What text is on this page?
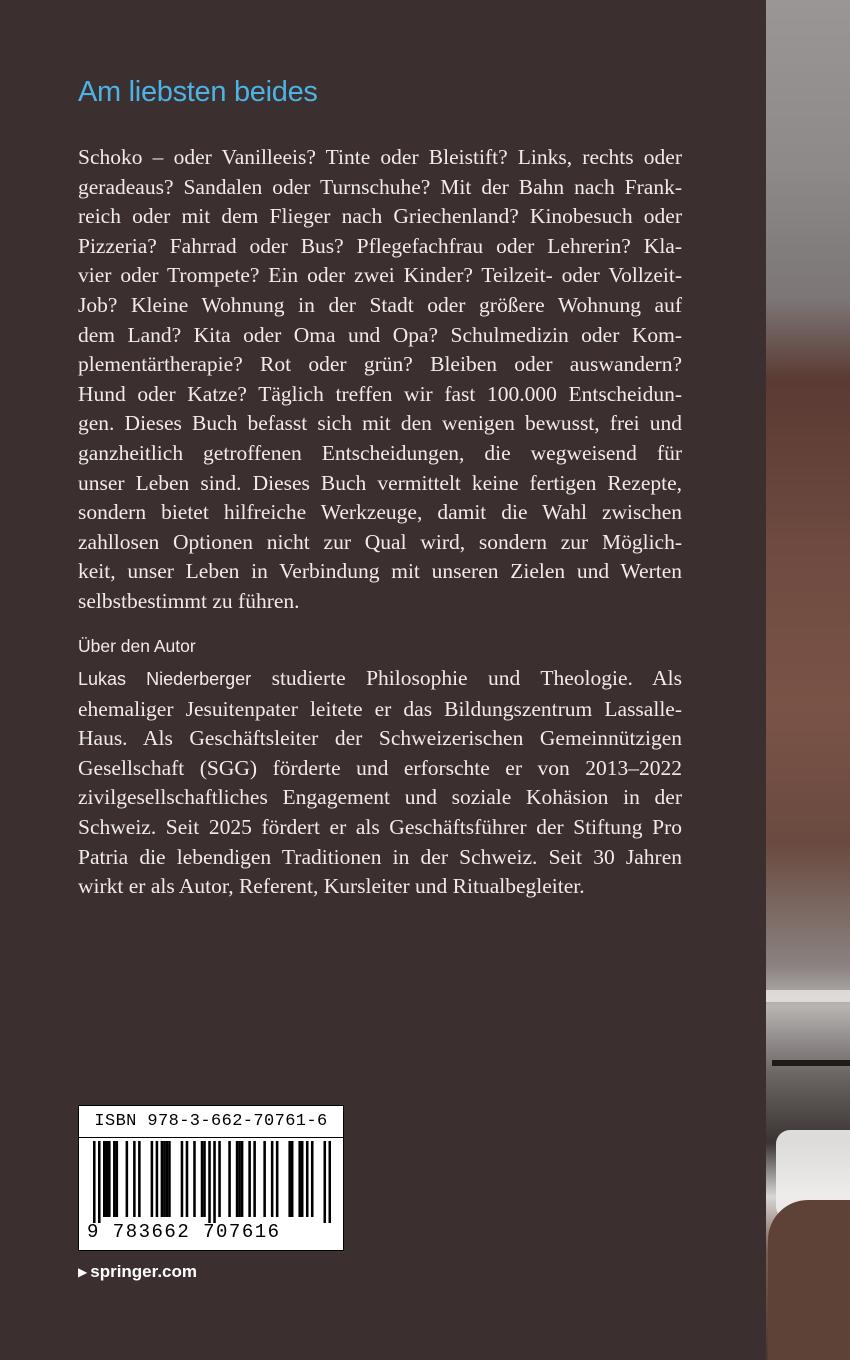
Am liebsten beides

Schoko – oder Vanilleeis? Tinte oder Bleistift? Links, rechts oder
geradeaus? Sandalen oder Turnschuhe? Mit der Bahn nach Frank-
reich oder mit dem Flieger nach Griechenland? Kinobesuch oder
Pizzeria? Fahrrad oder Bus? Pflegefachfrau oder Lehrerin? Kla-
vier oder Trompete? Ein oder zwei Kinder? Teilzeit- oder Vollzeit-
Job? Kleine Wohnung in der Stadt oder größere Wohnung auf
dem Land? Kita oder Oma und Opa? Schulmedizin oder Kom-
plementärtherapie? Rot oder grün? Bleiben oder auswandern?
Hund oder Katze? Täglich treffen wir fast 100.000 Entscheidun-
gen. Dieses Buch befasst sich mit den wenigen bewusst, frei und
ganzheitlich getroffenen Entscheidungen, die wegweisend für
unser Leben sind. Dieses Buch vermittelt keine fertigen Rezepte,
sondern bietet hilfreiche Werkzeuge, damit die Wahl zwischen
zahllosen Optionen nicht zur Qual wird, sondern zur Möglich-
keit, unser Leben in Verbindung mit unseren Zielen und Werten
selbstbestimmt zu führen.

Über den Autor

Lukas Niederberger studierte Philosophie und Theologie. Als
ehemaliger Jesuitenpater leitete er das Bildungszentrum Lassalle-
Haus. Als Geschäftsleiter der Schweizerischen Gemeinnützigen
Gesellschaft (SGG) förderte und erforschte er von 2013–2022
zivilgesellschaftliches Engagement und soziale Kohäsion in der
Schweiz. Seit 2025 fördert er als Geschäftsführer der Stiftung Pro
Patria die lebendigen Traditionen in der Schweiz. Seit 30 Jahren
wirkt er als Autor, Referent, Kursleiter und Ritualbegleiter.

ISBN 978-3-662-70761-6
9 783662 707616
▶ springer.com
